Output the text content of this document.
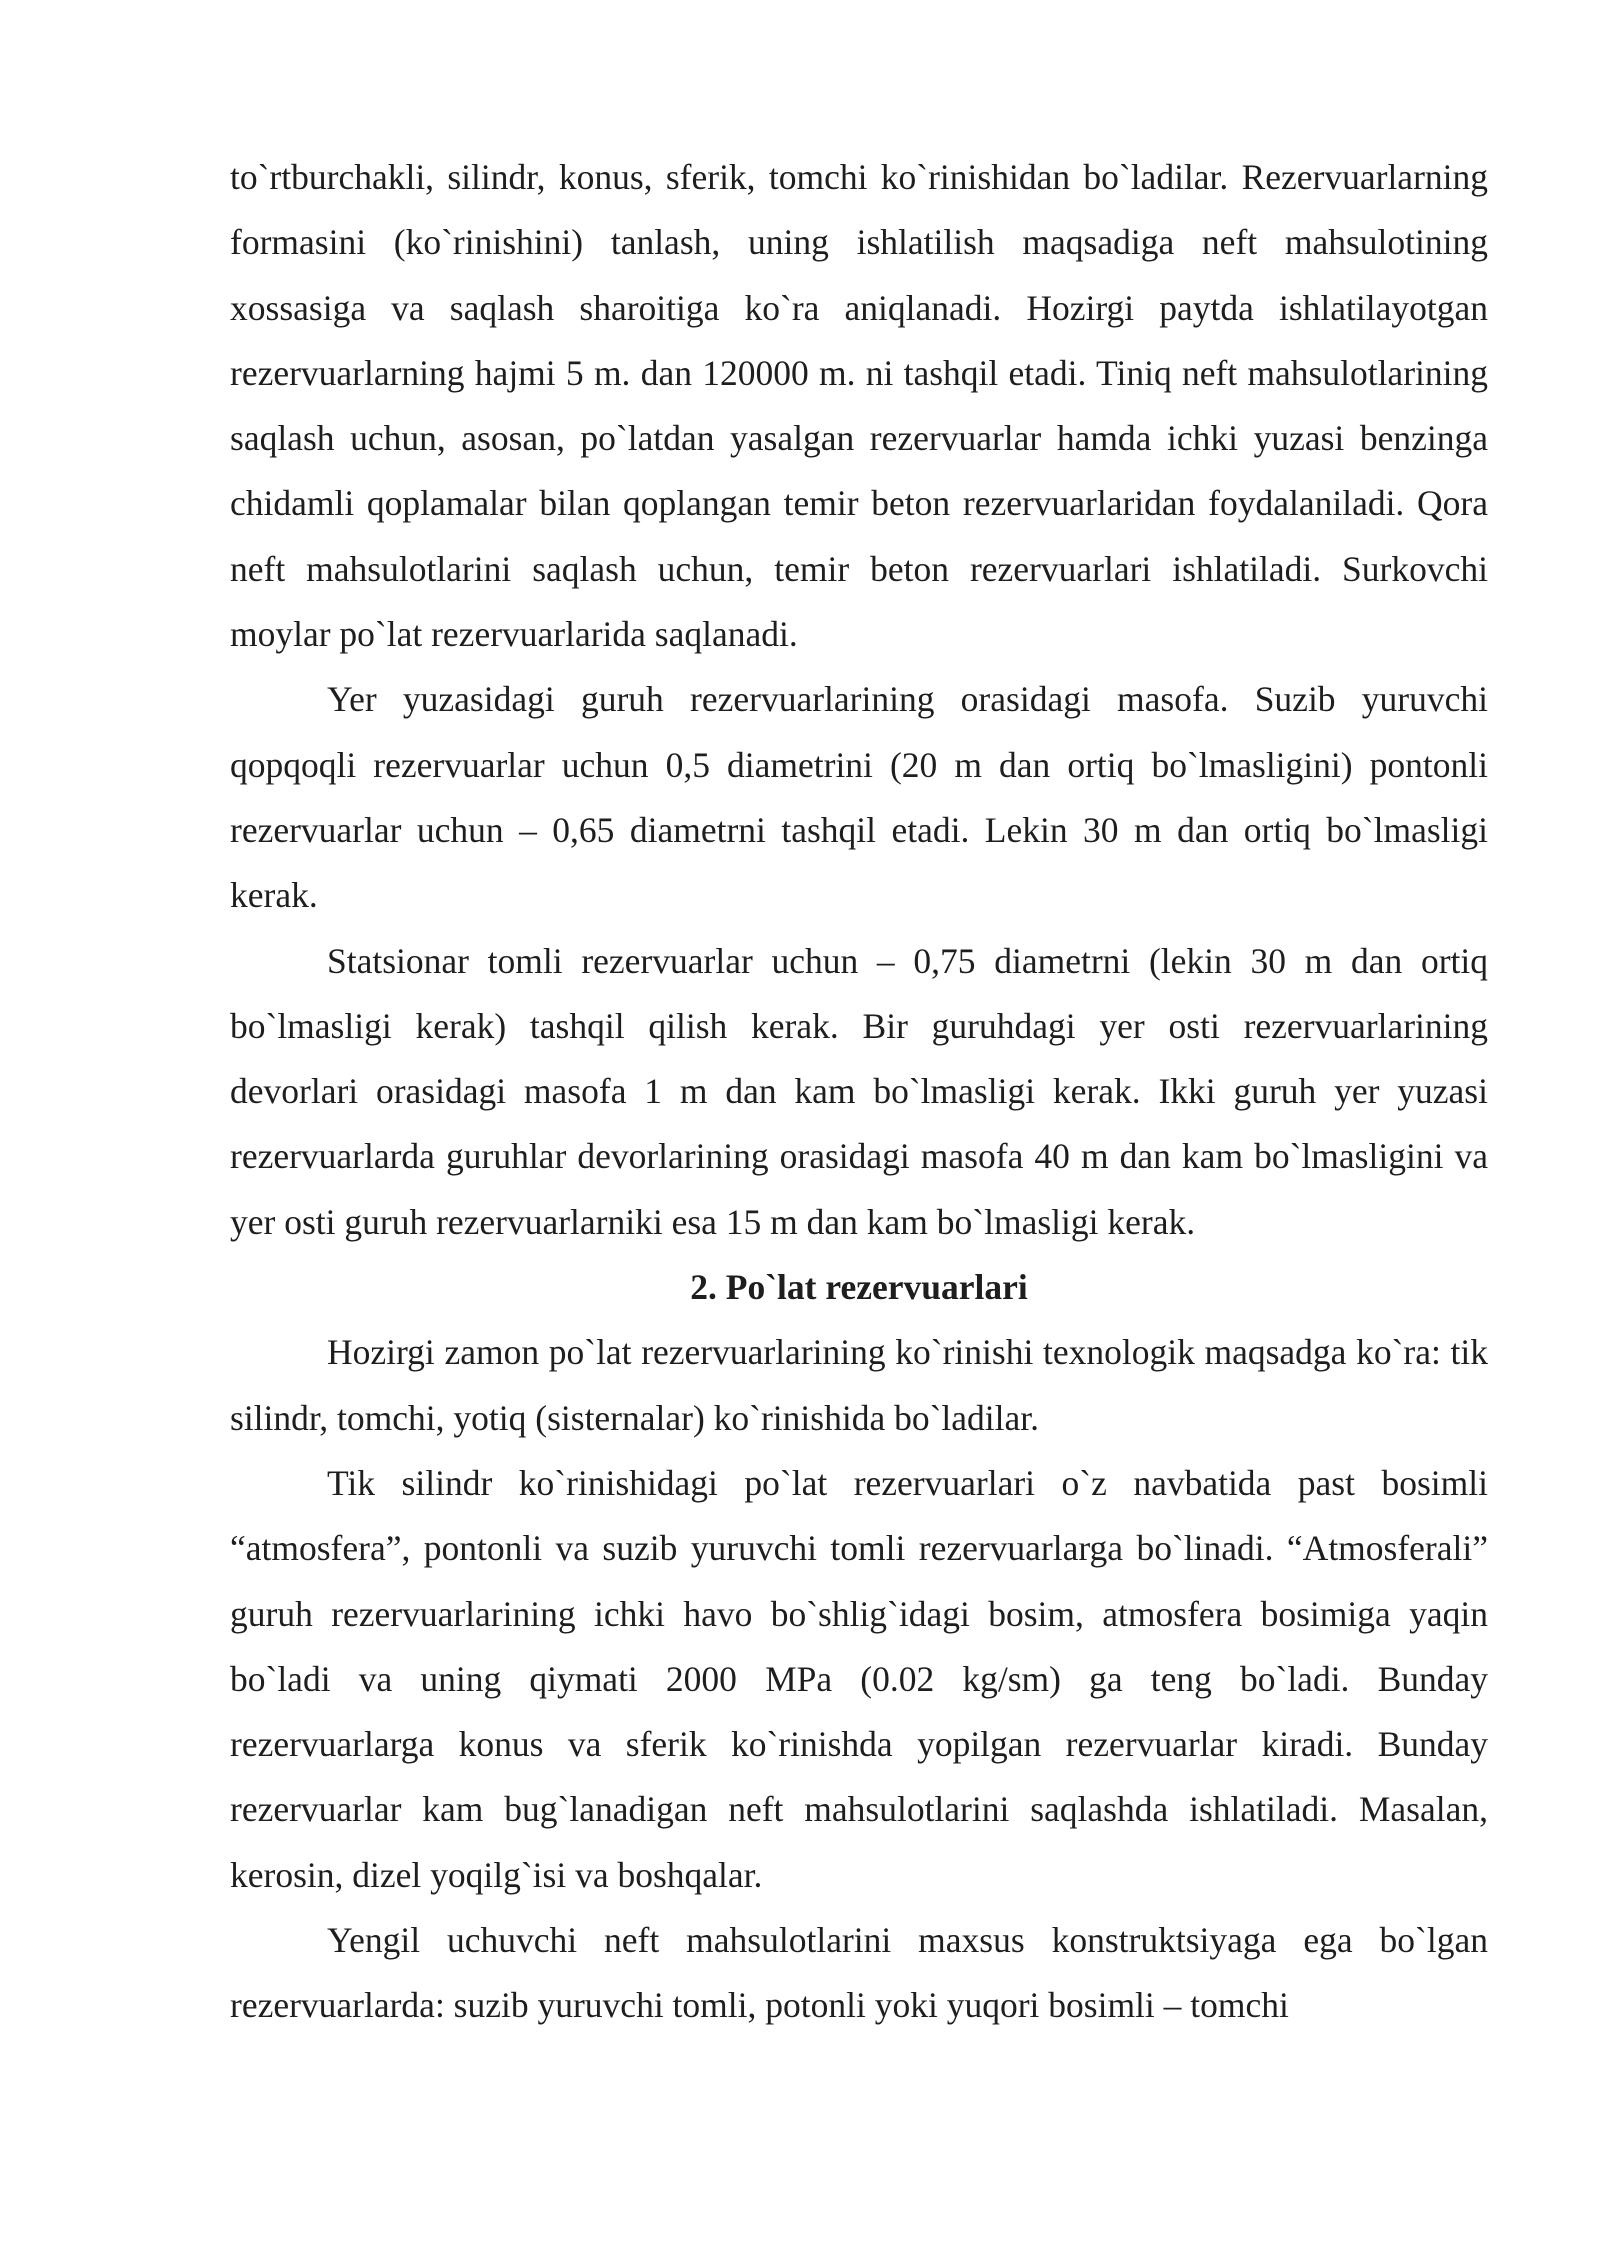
to`rtburchakli, silindr, konus, sferik, tomchi ko`rinishidan bo`ladilar. Rezervuarlarning formasini (ko`rinishini) tanlash, uning ishlatilish maqsadiga neft mahsulotining xossasiga va saqlash sharoitiga ko`ra aniqlanadi. Hozirgi paytda ishlatilayotgan rezervuarlarning hajmi 5 m. dan 120000 m. ni tashqil etadi. Tiniq neft mahsulotlarining saqlash uchun, asosan, po`latdan yasalgan rezervuarlar hamda ichki yuzasi benzinga chidamli qoplamalar bilan qoplangan temir beton rezervuarlaridan foydalaniladi. Qora neft mahsulotlarini saqlash uchun, temir beton rezervuarlari ishlatiladi. Surkovchi moylar po`lat rezervuarlarida saqlanadi.

Yer yuzasidagi guruh rezervuarlarining orasidagi masofa. Suzib yuruvchi qopqoqli rezervuarlar uchun 0,5 diametrini (20 m dan ortiq bo`lmasligini) pontonli rezervuarlar uchun – 0,65 diametrni tashqil etadi. Lekin 30 m dan ortiq bo`lmasligi kerak.

Statsionar tomli rezervuarlar uchun – 0,75 diametrni (lekin 30 m dan ortiq bo`lmasligi kerak) tashqil qilish kerak. Bir guruhdagi yer osti rezervuarlarining devorlari orasidagi masofa 1 m dan kam bo`lmasligi kerak. Ikki guruh yer yuzasi rezervuarlarda guruhlar devorlarining orasidagi masofa 40 m dan kam bo`lmasligini va yer osti guruh rezervuarlarniki esa 15 m dan kam bo`lmasligi kerak.

2. Po`lat rezervuarlari

Hozirgi zamon po`lat rezervuarlarining ko`rinishi texnologik maqsadga ko`ra: tik silindr, tomchi, yotiq (sisternalar) ko`rinishida bo`ladilar.

Tik silindr ko`rinishidagi po`lat rezervuarlari o`z navbatida past bosimli “atmosfera”, pontonli va suzib yuruvchi tomli rezervuarlarga bo`linadi. “Atmosferali” guruh rezervuarlarining ichki havo bo`shlig`idagi bosim, atmosfera bosimiga yaqin bo`ladi va uning qiymati 2000 MPa (0.02 kg/sm) ga teng bo`ladi. Bunday rezervuarlarga konus va sferik ko`rinishda yopilgan rezervuarlar kiradi. Bunday rezervuarlar kam bug`lanadigan neft mahsulotlarini saqlashda ishlatiladi. Masalan, kerosin, dizel yoqilg`isi va boshqalar.

Yengil uchuvchi neft mahsulotlarini maxsus konstruktsiyaga ega bo`lgan rezervuarlarda: suzib yuruvchi tomli, potonli yoki yuqori bosimli – tomchi
